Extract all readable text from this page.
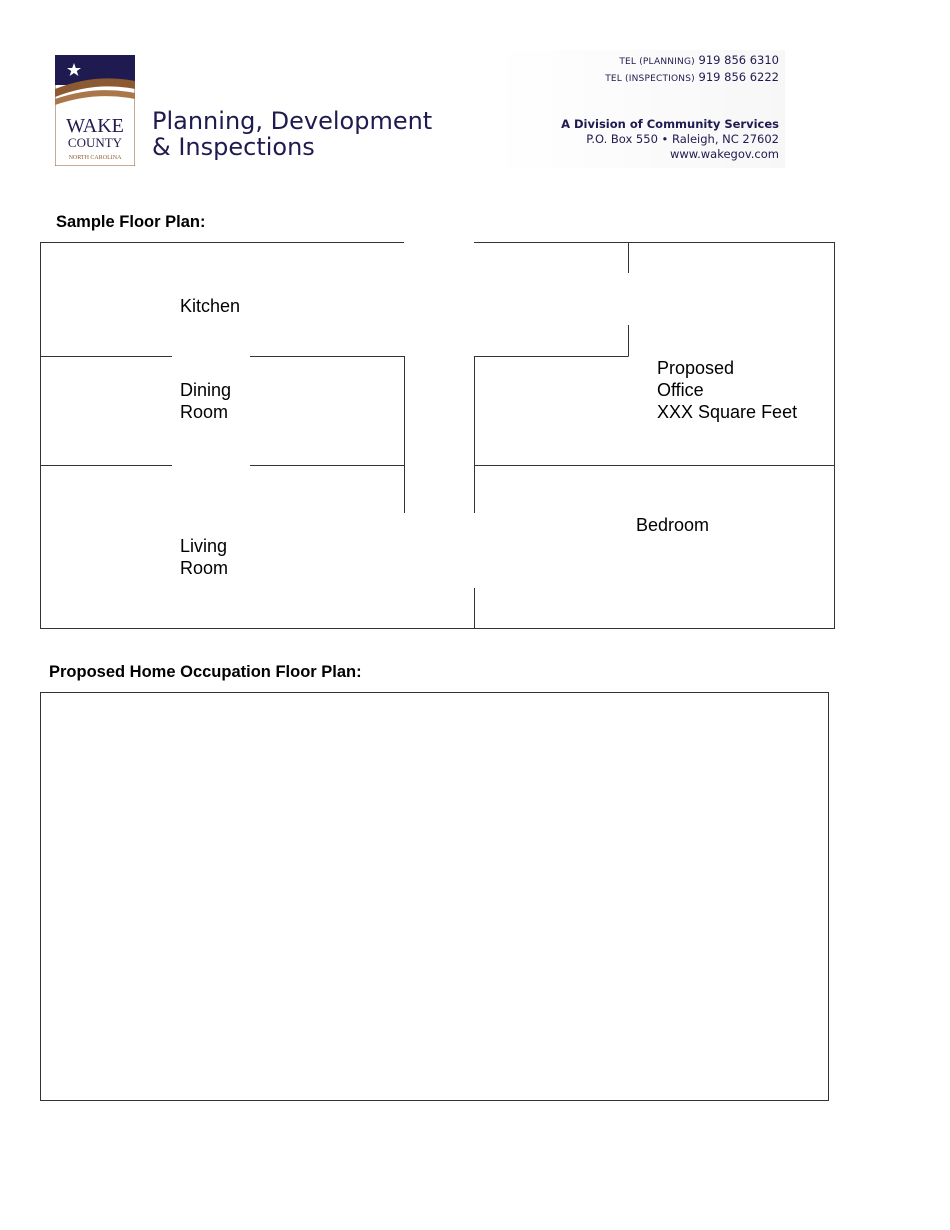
WAKE
COUNTY
NORTH CAROLINA
Planning, Development
& Inspections
TEL (PLANNING) 919 856 6310
TEL (INSPECTIONS) 919 856 6222
A Division of Community Services
P.O. Box 550 • Raleigh, NC 27602
www.wakegov.com
Sample Floor Plan:
Kitchen
Dining
Room
Living
Room
Proposed
Office
XXX Square Feet
Bedroom
Proposed Home Occupation Floor Plan:
